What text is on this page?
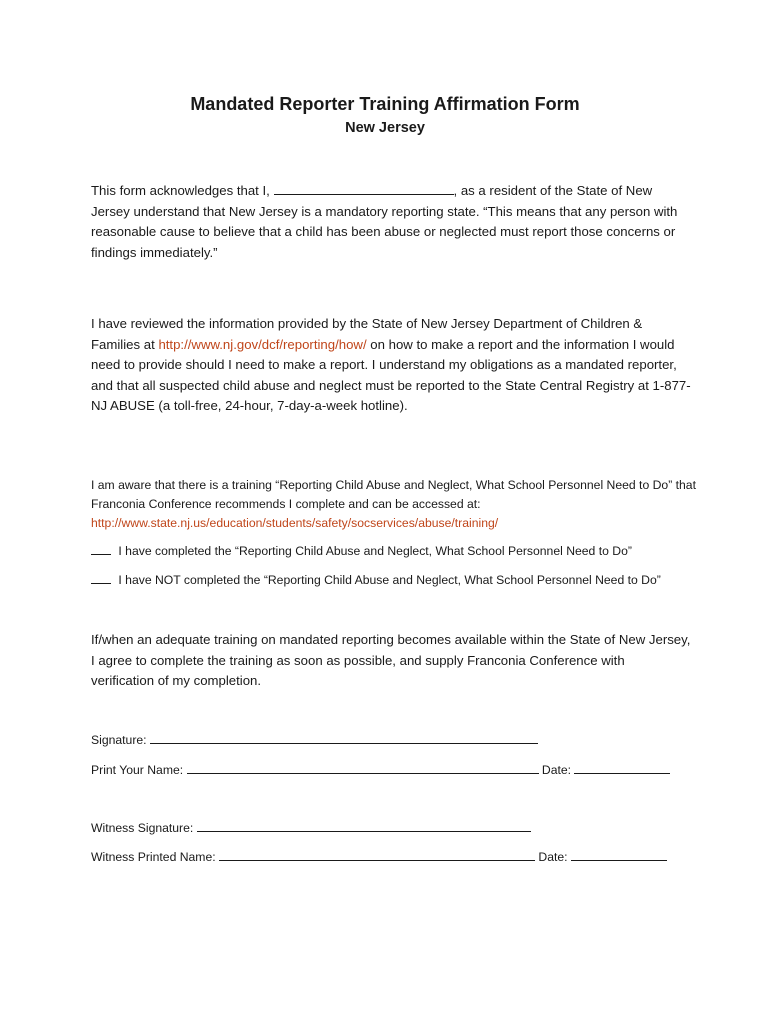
Mandated Reporter Training Affirmation Form
New Jersey

This form acknowledges that I,	, as a resident of the State of New Jersey understand that New Jersey is a mandatory reporting state. “This means that any person with reasonable cause to believe that a child has been abuse or neglected must report those concerns or findings immediately.”

I have reviewed the information provided by the State of New Jersey Department of Children & Families at http://www.nj.gov/dcf/reporting/how/ on how to make a report and the information I would need to provide should I need to make a report. I understand my obligations as a mandated reporter, and that all suspected child abuse and neglect must be reported to the State Central Registry at 1-877-NJ ABUSE (a toll-free, 24-hour, 7-day-a-week hotline).

I am aware that there is a training “Reporting Child Abuse and Neglect, What School Personnel Need to Do” that Franconia Conference recommends I complete and can be accessed at:
http://www.state.nj.us/education/students/safety/socservices/abuse/training/

I have completed the “Reporting Child Abuse and Neglect, What School Personnel Need to Do”

I have NOT completed the “Reporting Child Abuse and Neglect, What School Personnel Need to Do”

If/when an adequate training on mandated reporting becomes available within the State of New Jersey, I agree to complete the training as soon as possible, and supply Franconia Conference with verification of my completion.

Signature:

Print Your Name:	Date:

Witness Signature:

Witness Printed Name:	Date:
